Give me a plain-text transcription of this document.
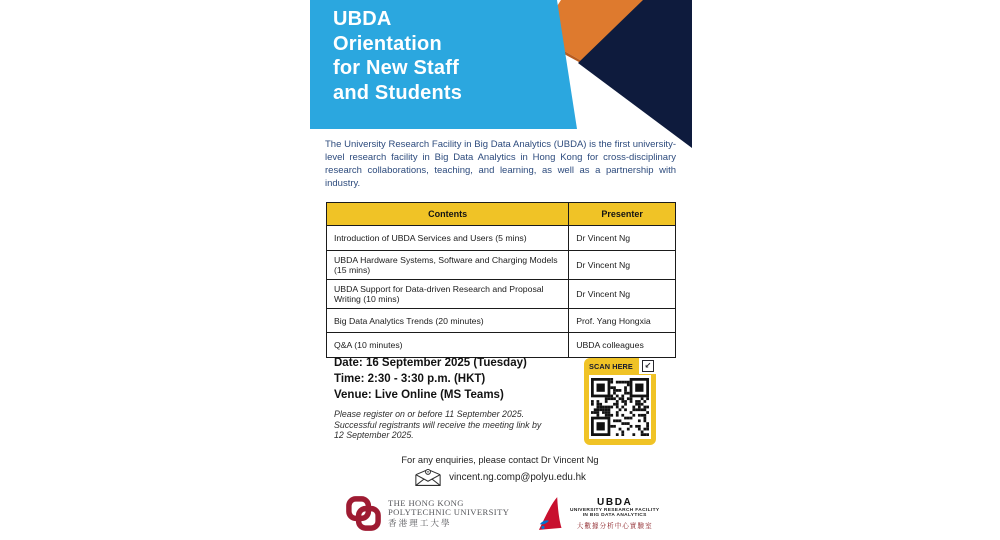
UBDA
Orientation
for New Staff
and Students
The University Research Facility in Big Data Analytics (UBDA) is the first university-level research facility in Big Data Analytics in Hong Kong for cross-disciplinary research collaborations, teaching, and learning, as well as a partnership with industry.
Contents	Presenter
Introduction of UBDA Services and Users (5 mins)	Dr Vincent Ng
UBDA Hardware Systems, Software and Charging Models (15 mins)	Dr Vincent Ng
UBDA Support for Data-driven Research and Proposal Writing (10 mins)	Dr Vincent Ng
Big Data Analytics Trends (20 minutes)	Prof. Yang Hongxia
Q&A (10 minutes)	UBDA colleagues
Date: 16 September 2025 (Tuesday)
Time: 2:30 - 3:30 p.m. (HKT)
Venue: Live Online (MS Teams)
Please register on or before 11 September 2025.
Successful registrants will receive the meeting link by
12 September 2025.
SCAN HERE ↙
For any enquiries, please contact Dr Vincent Ng
vincent.ng.comp@polyu.edu.hk
THE HONG KONG
POLYTECHNIC UNIVERSITY
香港理工大學
UBDA
UNIVERSITY RESEARCH FACILITY
IN BIG DATA ANALYTICS
大數據分析中心實驗室
